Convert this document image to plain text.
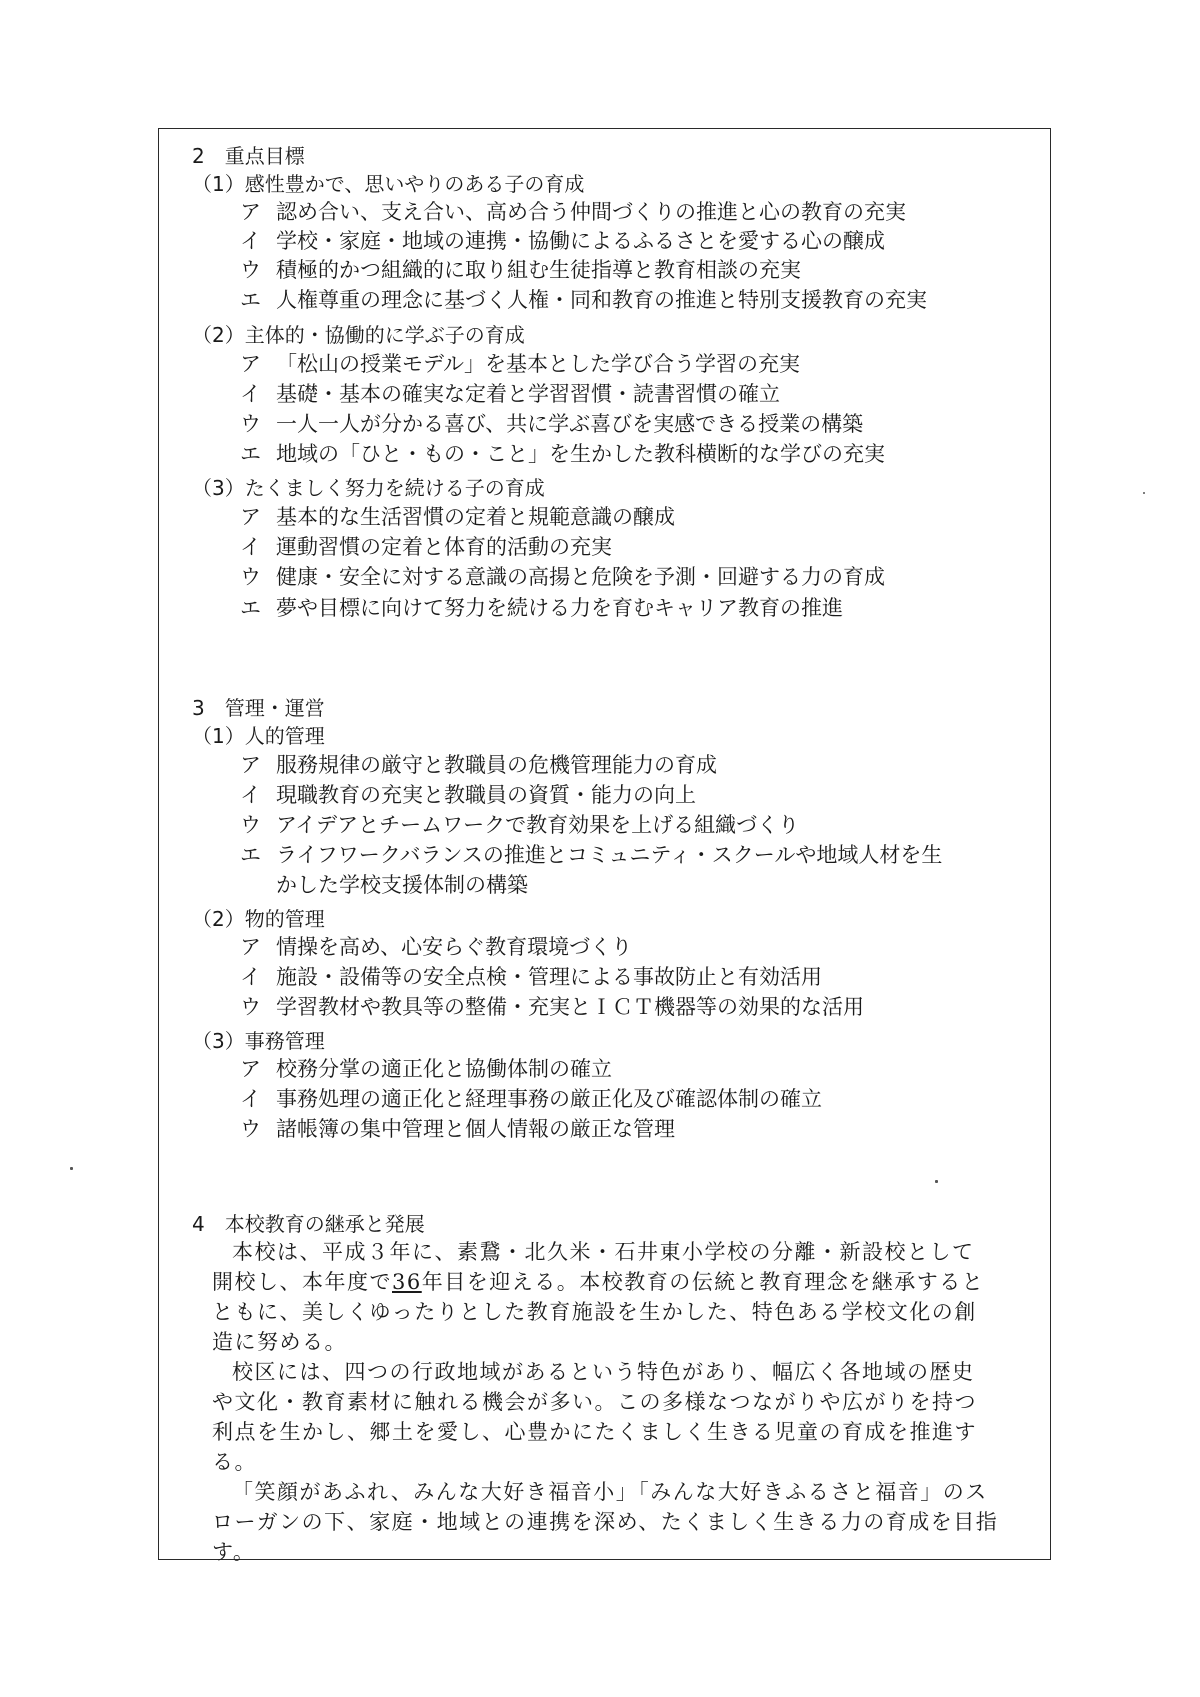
2　重点目標
（1）感性豊かで、思いやりのある子の育成
ア 認め合い、支え合い、高め合う仲間づくりの推進と心の教育の充実
イ 学校・家庭・地域の連携・協働によるふるさとを愛する心の醸成
ウ 積極的かつ組織的に取り組む生徒指導と教育相談の充実
エ 人権尊重の理念に基づく人権・同和教育の推進と特別支援教育の充実
（2）主体的・協働的に学ぶ子の育成
ア 「松山の授業モデル」を基本とした学び合う学習の充実
イ 基礎・基本の確実な定着と学習習慣・読書習慣の確立
ウ 一人一人が分かる喜び、共に学ぶ喜びを実感できる授業の構築
エ 地域の「ひと・もの・こと」を生かした教科横断的な学びの充実
（3）たくましく努力を続ける子の育成
ア 基本的な生活習慣の定着と規範意識の醸成
イ 運動習慣の定着と体育的活動の充実
ウ 健康・安全に対する意識の高揚と危険を予測・回避する力の育成
エ 夢や目標に向けて努力を続ける力を育むキャリア教育の推進
3　管理・運営
（1）人的管理
ア 服務規律の厳守と教職員の危機管理能力の育成
イ 現職教育の充実と教職員の資質・能力の向上
ウ アイデアとチームワークで教育効果を上げる組織づくり
エ ライフワークバランスの推進とコミュニティ・スクールや地域人材を生
かした学校支援体制の構築
（2）物的管理
ア 情操を高め、心安らぐ教育環境づくり
イ 施設・設備等の安全点検・管理による事故防止と有効活用
ウ 学習教材や教具等の整備・充実とＩＣＴ機器等の効果的な活用
（3）事務管理
ア 校務分掌の適正化と協働体制の確立
イ 事務処理の適正化と経理事務の厳正化及び確認体制の確立
ウ 諸帳簿の集中管理と個人情報の厳正な管理
4　本校教育の継承と発展
本校は、平成３年に、素鵞・北久米・石井東小学校の分離・新設校として
開校し、本年度で36年目を迎える。本校教育の伝統と教育理念を継承すると
ともに、美しくゆったりとした教育施設を生かした、特色ある学校文化の創
造に努める。
校区には、四つの行政地域があるという特色があり、幅広く各地域の歴史
や文化・教育素材に触れる機会が多い。この多様なつながりや広がりを持つ
利点を生かし、郷土を愛し、心豊かにたくましく生きる児童の育成を推進す
る。
「笑顔があふれ、みんな大好き福音小」「みんな大好きふるさと福音」のス
ローガンの下、家庭・地域との連携を深め、たくましく生きる力の育成を目指
す。
